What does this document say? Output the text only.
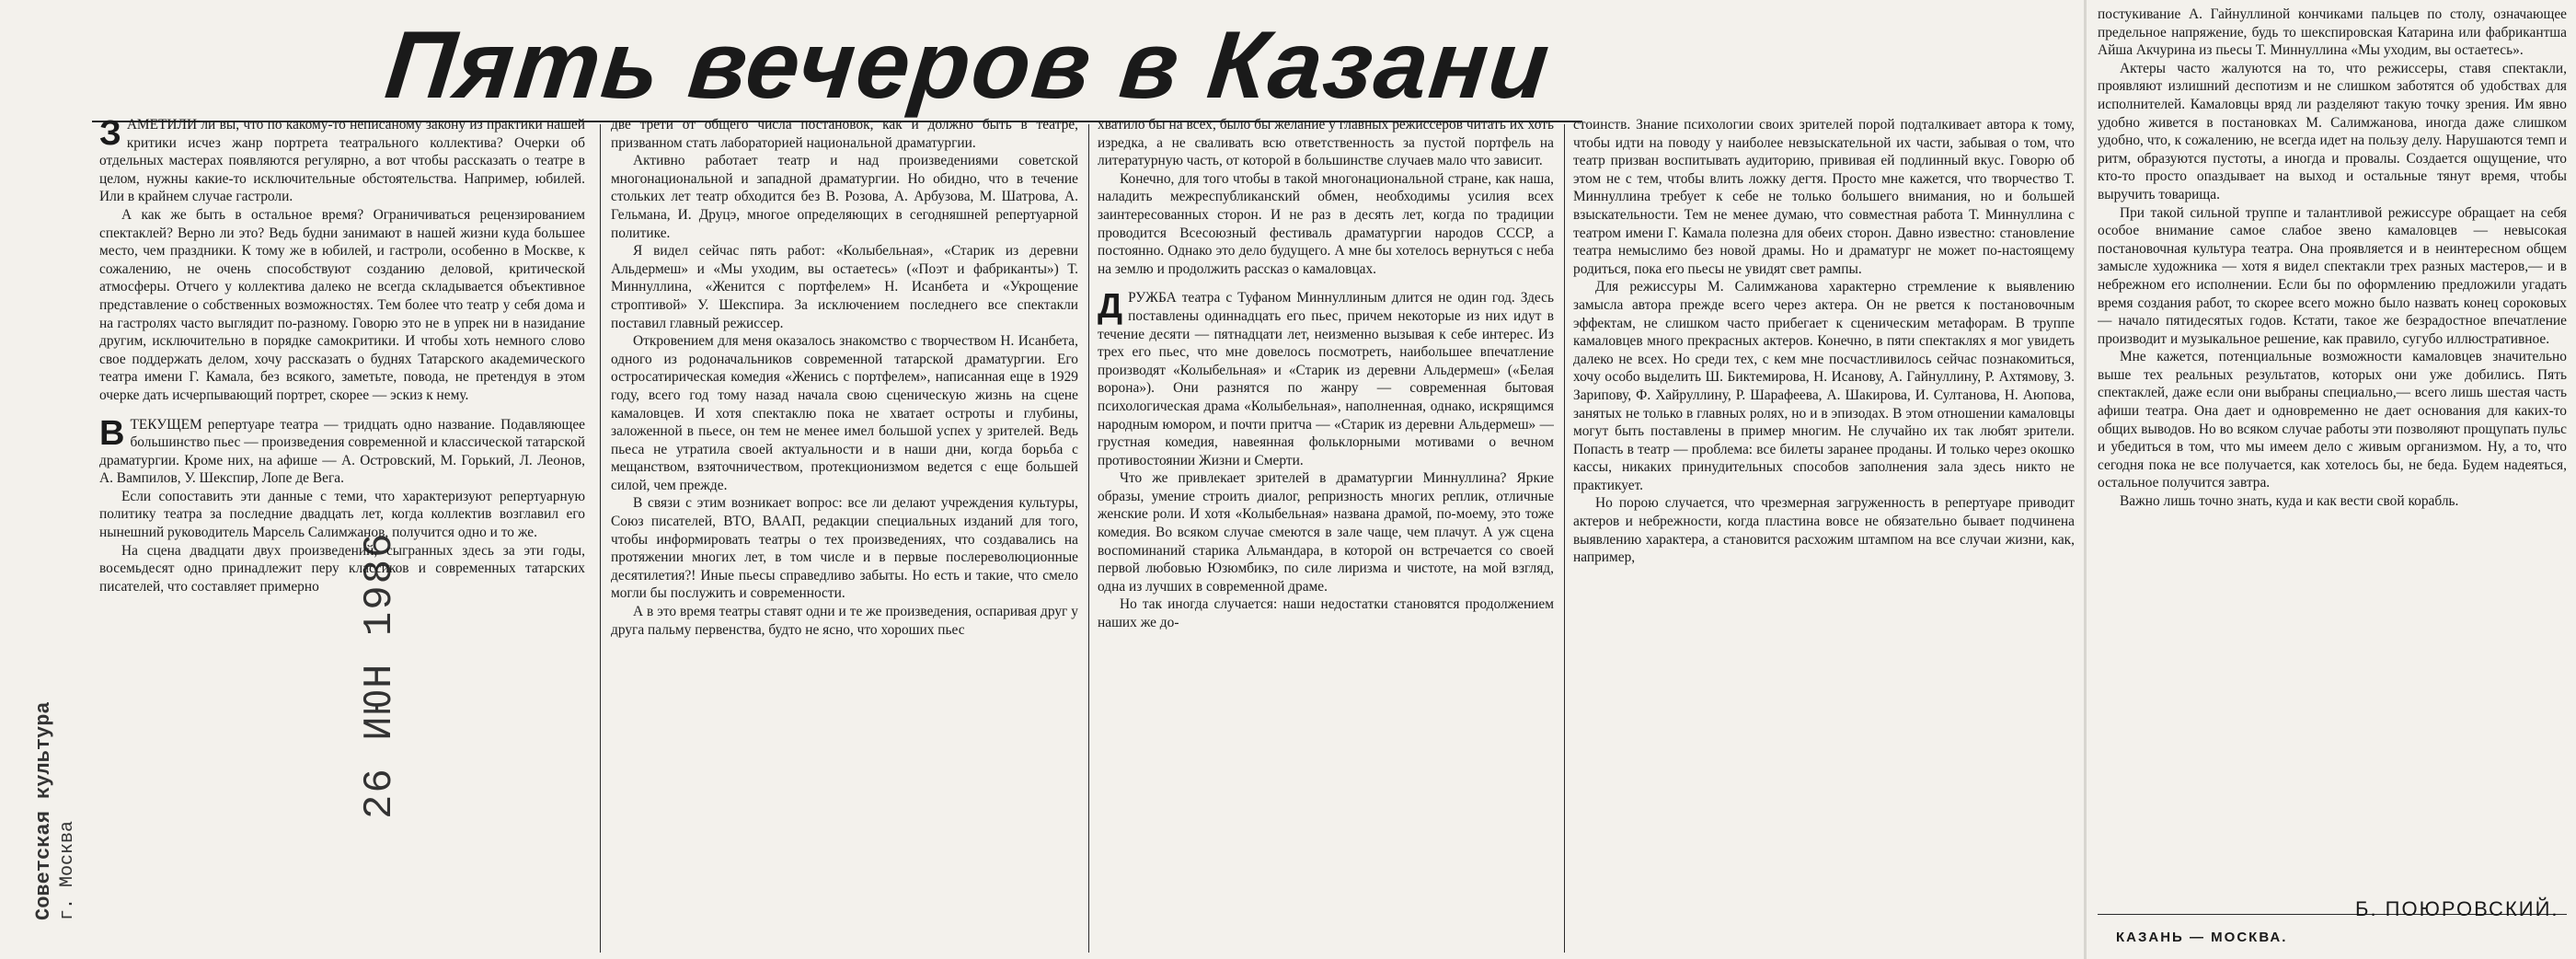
Пять вечеров в Казани
26 ИЮН 1986
Советская культура г. Москва

З АМЕТИЛИ ли вы, что по какому-то неписаному закону из практики нашей критики исчез жанр портрета театрального коллектива? Очерки об отдельных мастерах появляются регулярно, а вот чтобы рассказать о театре в целом, нужны какие-то исключительные обстоятельства. Например, юбилей. Или в крайнем случае гастроли.

А как же быть в остальное время? Ограничиваться рецензированием спектаклей? Верно ли это? Ведь будни занимают в нашей жизни куда большее место, чем праздники. К тому же в юбилей, и гастроли, особенно в Москве, к сожалению, не очень способствуют созданию деловой, критической атмосферы. Отчего у коллектива далеко не всегда складывается объективное представление о собственных возможностях. Тем более что театр у себя дома и на гастролях часто выглядит по-разному. Говорю это не в упрек ни в назидание другим, исключительно в порядке самокритики. И чтобы хоть немного слово свое поддержать делом, хочу рассказать о буднях Татарского академического театра имени Г. Камала, без всякого, заметьте, повода, не претендуя в этом очерке дать исчерпывающий портрет, скорее — эскиз к нему.

В ТЕКУЩЕМ репертуаре театра — тридцать одно название. Подавляющее большинство пьес — произведения современной и классической татарской драматургии. Кроме них, на афише — А. Островский, М. Горький, Л. Леонов, А. Вампилов, У. Шекспир, Лопе де Вега.

Если сопоставить эти данные с теми, что характеризуют репертуарную политику театра за последние двадцать лет, когда коллектив возглавил его нынешний руководитель Марсель Салимжанов, получится одно и то же.

На сцена двадцати двух произведений, сыгранных здесь за эти годы, восемьдесят одно принадлежит перу классиков и современных татарских писателей, что составляет примерно

две трети от общего числа постановок, как и должно быть в театре, призванном стать лабораторией национальной драматургии.

Активно работает театр и над произведениями советской многонациональной и западной драматургии. Но обидно, что в течение стольких лет театр обходится без В. Розова, А. Арбузова, М. Шатрова, А. Гельмана, И. Друцэ, многое определяющих в сегодняшней репертуарной политике.

Я видел сейчас пять работ: «Колыбельная», «Старик из деревни Альдермеш» и «Мы уходим, вы остаетесь» («Поэт и фабриканты») Т. Миннуллина, «Женится с портфелем» Н. Исанбета и «Укрощение строптивой» У. Шекспира. За исключением последнего все спектакли поставил главный режиссер.

Откровением для меня оказалось знакомство с творчеством Н. Исанбета, одного из родоначальников современной татарской драматургии. Его остросатирическая комедия «Женись с портфелем», написанная еще в 1929 году, всего год тому назад начала свою сценическую жизнь на сцене камаловцев. И хотя спектаклю пока не хватает остроты и глубины, заложенной в пьесе, он тем не менее имел большой успех у зрителей. Ведь пьеса не утратила своей актуальности и в наши дни, когда борьба с мещанством, взяточничеством, протекционизмом ведется с еще большей силой, чем прежде.

В связи с этим возникает вопрос: все ли делают учреждения культуры, Союз писателей, ВТО, ВААП, редакции специальных изданий для того, чтобы информировать театры о тех произведениях, что создавались на протяжении многих лет, в том числе и в первые послереволюционные десятилетия?! Иные пьесы справедливо забыты. Но есть и такие, что смело могли бы послужить и современности.

А в это время театры ставят одни и те же произведения, оспаривая друг у друга пальму первенства, будто не ясно, что хороших пьес

хватило бы на всех, было бы желание у главных режиссеров читать их хоть изредка, а не сваливать всю ответственность за пустой портфель на литературную часть, от которой в большинстве случаев мало что зависит.

Конечно, для того чтобы в такой многонациональной стране, как наша, наладить межреспубликанский обмен, необходимы усилия всех заинтересованных сторон. И не раз в десять лет, когда по традиции проводится Всесоюзный фестиваль драматургии народов СССР, а постоянно. Однако это дело будущего. А мне бы хотелось вернуться с неба на землю и продолжить рассказ о камаловцах.

Д РУЖБА театра с Туфаном Миннуллиным длится не один год. Здесь поставлены одиннадцать его пьес, причем некоторые из них идут в течение десяти — пятнадцати лет, неизменно вызывая к себе интерес. Из трех его пьес, что мне довелось посмотреть, наибольшее впечатление производят «Колыбельная» и «Старик из деревни Альдермеш» («Белая ворона»). Они разнятся по жанру — современная бытовая психологическая драма «Колыбельная», наполненная, однако, искрящимся народным юмором, и почти притча — «Старик из деревни Альдермеш» — грустная комедия, навеянная фольклорными мотивами о вечном противостоянии Жизни и Смерти.

Что же привлекает зрителей в драматургии Миннуллина? Яркие образы, умение строить диалог, репризность многих реплик, отличные женские роли. И хотя «Колыбельная» названа драмой, по-моему, это тоже комедия. Во всяком случае смеются в зале чаще, чем плачут. А уж сцена воспоминаний старика Альмандара, в которой он встречается со своей первой любовью Юзюмбикэ, по силе лиризма и чистоте, на мой взгляд, одна из лучших в современной драме.

Но так иногда случается: наши недостатки становятся продолжением наших же до-

стоинств. Знание психологии своих зрителей порой подталкивает автора к тому, чтобы идти на поводу у наиболее невзыскательной их части, забывая о том, что театр призван воспитывать аудиторию, прививая ей подлинный вкус. Говорю об этом не с тем, чтобы влить ложку дегтя. Просто мне кажется, что творчество Т. Миннуллина требует к себе не только большего внимания, но и большей взыскательности. Тем не менее думаю, что совместная работа Т. Миннуллина с театром имени Г. Камала полезна для обеих сторон. Давно известно: становление театра немыслимо без новой драмы. Но и драматург не может по-настоящему родиться, пока его пьесы не увидят свет рампы.

Для режиссуры М. Салимжанова характерно стремление к выявлению замысла автора прежде всего через актера. Он не рвется к постановочным эффектам, не слишком часто прибегает к сценическим метафорам. В труппе камаловцев много прекрасных актеров. Конечно, в пяти спектаклях я мог увидеть далеко не всех. Но среди тех, с кем мне посчастливилось сейчас познакомиться, хочу особо выделить Ш. Биктемирова, Н. Исанову, А. Гайнуллину, Р. Ахтямову, З. Зарипову, Ф. Хайруллину, Р. Шарафеева, А. Шакирова, И. Султанова, Н. Аюпова, занятых не только в главных ролях, но и в эпизодах. В этом отношении камаловцы могут быть поставлены в пример многим. Не случайно их так любят зрители. Попасть в театр — проблема: все билеты заранее проданы. И только через окошко кассы, никаких принудительных способов заполнения зала здесь никто не практикует.

Но порою случается, что чрезмерная загруженность в репертуаре приводит актеров и небрежности, когда пластина вовсе не обязательно бывает подчинена выявлению характера, а становится расхожим штампом на все случаи жизни, как, например,

постукивание А. Гайнуллиной кончиками пальцев по столу, означающее предельное напряжение, будь то шекспировская Катарина или фабрикантша Айша Акчурина из пьесы Т. Миннуллина «Мы уходим, вы остаетесь».

Актеры часто жалуются на то, что режиссеры, ставя спектакли, проявляют излишний деспотизм и не слишком заботятся об удобствах для исполнителей. Камаловцы вряд ли разделяют такую точку зрения. Им явно удобно живется в постановках М. Салимжанова, иногда даже слишком удобно, что, к сожалению, не всегда идет на пользу делу. Нарушаются темп и ритм, образуются пустоты, а иногда и провалы. Создается ощущение, что кто-то просто опаздывает на выход и остальные тянут время, чтобы выручить товарища.

При такой сильной труппе и талантливой режиссуре обращает на себя особое внимание самое слабое звено камаловцев — невысокая постановочная культура театра. Она проявляется и в неинтересном общем замысле художника — хотя я видел спектакли трех разных мастеров,— и в небрежном его исполнении. Если бы по оформлению предложили угадать время создания работ, то скорее всего можно было назвать конец сороковых — начало пятидесятых годов. Кстати, такое же безрадостное впечатление производит и музыкальное решение, как правило, сугубо иллюстративное.

Мне кажется, потенциальные возможности камаловцев значительно выше тех реальных результатов, которых они уже добились. Пять спектаклей, даже если они выбраны специально,— всего лишь шестая часть афиши театра. Она дает и одновременно не дает основания для каких-то общих выводов. Но во всяком случае работы эти позволяют прощупать пульс и убедиться в том, что мы имеем дело с живым организмом. Ну, а то, что сегодня пока не все получается, как хотелось бы, не беда. Будем надеяться, остальное получится завтра.

Важно лишь точно знать, куда и как вести свой корабль.

Б. ПОЮРОВСКИЙ.
КАЗАНЬ — МОСКВА.
